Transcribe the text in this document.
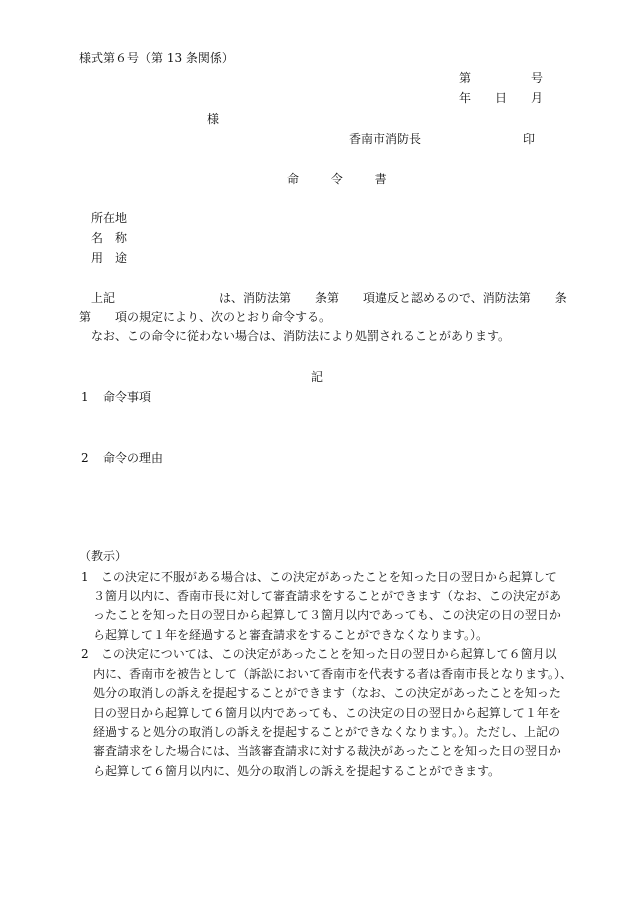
様式第６号（第 13 条関係）
第　　　　　号
年　　日　　月
様
香南市消防長	印
命 令 書
所在地
名　称
用　途
上記	は、消防法第　　条第　　項違反と認めるので、消防法第　　条
第　　項の規定により、次のとおり命令する。
なお、この命令に従わない場合は、消防法により処罰されることがあります。
記
1 命令事項
2 命令の理由
（教示）
1 この決定に不服がある場合は、この決定があったことを知った日の翌日から起算して
３箇月以内に、香南市長に対して審査請求をすることができます（なお、この決定があ
ったことを知った日の翌日から起算して３箇月以内であっても、この決定の日の翌日か
ら起算して１年を経過すると審査請求をすることができなくなります。）。
2 この決定については、この決定があったことを知った日の翌日から起算して６箇月以
内に、香南市を被告として（訴訟において香南市を代表する者は香南市長となります。）、
処分の取消しの訴えを提起することができます（なお、この決定があったことを知った
日の翌日から起算して６箇月以内であっても、この決定の日の翌日から起算して１年を
経過すると処分の取消しの訴えを提起することができなくなります。）。ただし、上記の
審査請求をした場合には、当該審査請求に対する裁決があったことを知った日の翌日か
ら起算して６箇月以内に、処分の取消しの訴えを提起することができます。
